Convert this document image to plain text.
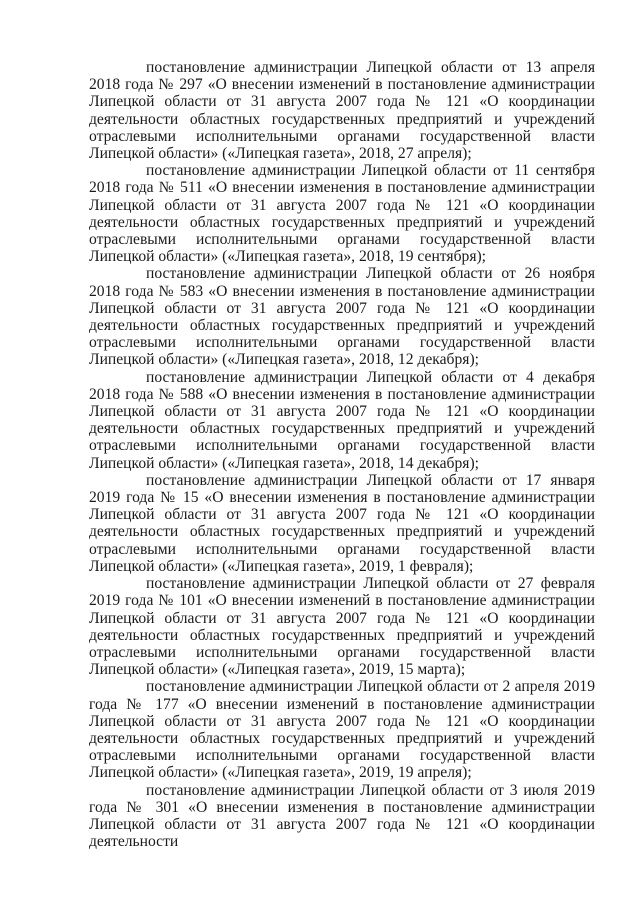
постановление администрации Липецкой области от 13 апреля 2018 года № 297 «О внесении изменений в постановление администрации Липецкой области от 31 августа 2007 года № 121 «О координации деятельности областных государственных предприятий и учреждений отраслевыми исполнительными органами государственной власти Липецкой области» («Липецкая газета», 2018, 27 апреля);

постановление администрации Липецкой области от 11 сентября 2018 года № 511 «О внесении изменения в постановление администрации Липецкой области от 31 августа 2007 года № 121 «О координации деятельности областных государственных предприятий и учреждений отраслевыми исполнительными органами государственной власти Липецкой области» («Липецкая газета», 2018, 19 сентября);

постановление администрации Липецкой области от 26 ноября 2018 года № 583 «О внесении изменения в постановление администрации Липецкой области от 31 августа 2007 года № 121 «О координации деятельности областных государственных предприятий и учреждений отраслевыми исполнительными органами государственной власти Липецкой области» («Липецкая газета», 2018, 12 декабря);

постановление администрации Липецкой области от 4 декабря 2018 года № 588 «О внесении изменения в постановление администрации Липецкой области от 31 августа 2007 года № 121 «О координации деятельности областных государственных предприятий и учреждений отраслевыми исполнительными органами государственной власти Липецкой области» («Липецкая газета», 2018, 14 декабря);

постановление администрации Липецкой области от 17 января 2019 года № 15 «О внесении изменения в постановление администрации Липецкой области от 31 августа 2007 года № 121 «О координации деятельности областных государственных предприятий и учреждений отраслевыми исполнительными органами государственной власти Липецкой области» («Липецкая газета», 2019, 1 февраля);

постановление администрации Липецкой области от 27 февраля 2019 года № 101 «О внесении изменений в постановление администрации Липецкой области от 31 августа 2007 года № 121 «О координации деятельности областных государственных предприятий и учреждений отраслевыми исполнительными органами государственной власти Липецкой области» («Липецкая газета», 2019, 15 марта);

постановление администрации Липецкой области от 2 апреля 2019 года № 177 «О внесении изменений в постановление администрации Липецкой области от 31 августа 2007 года № 121 «О координации деятельности областных государственных предприятий и учреждений отраслевыми исполнительными органами государственной власти Липецкой области» («Липецкая газета», 2019, 19 апреля);

постановление администрации Липецкой области от 3 июля 2019 года № 301 «О внесении изменения в постановление администрации Липецкой области от 31 августа 2007 года № 121 «О координации деятельности
